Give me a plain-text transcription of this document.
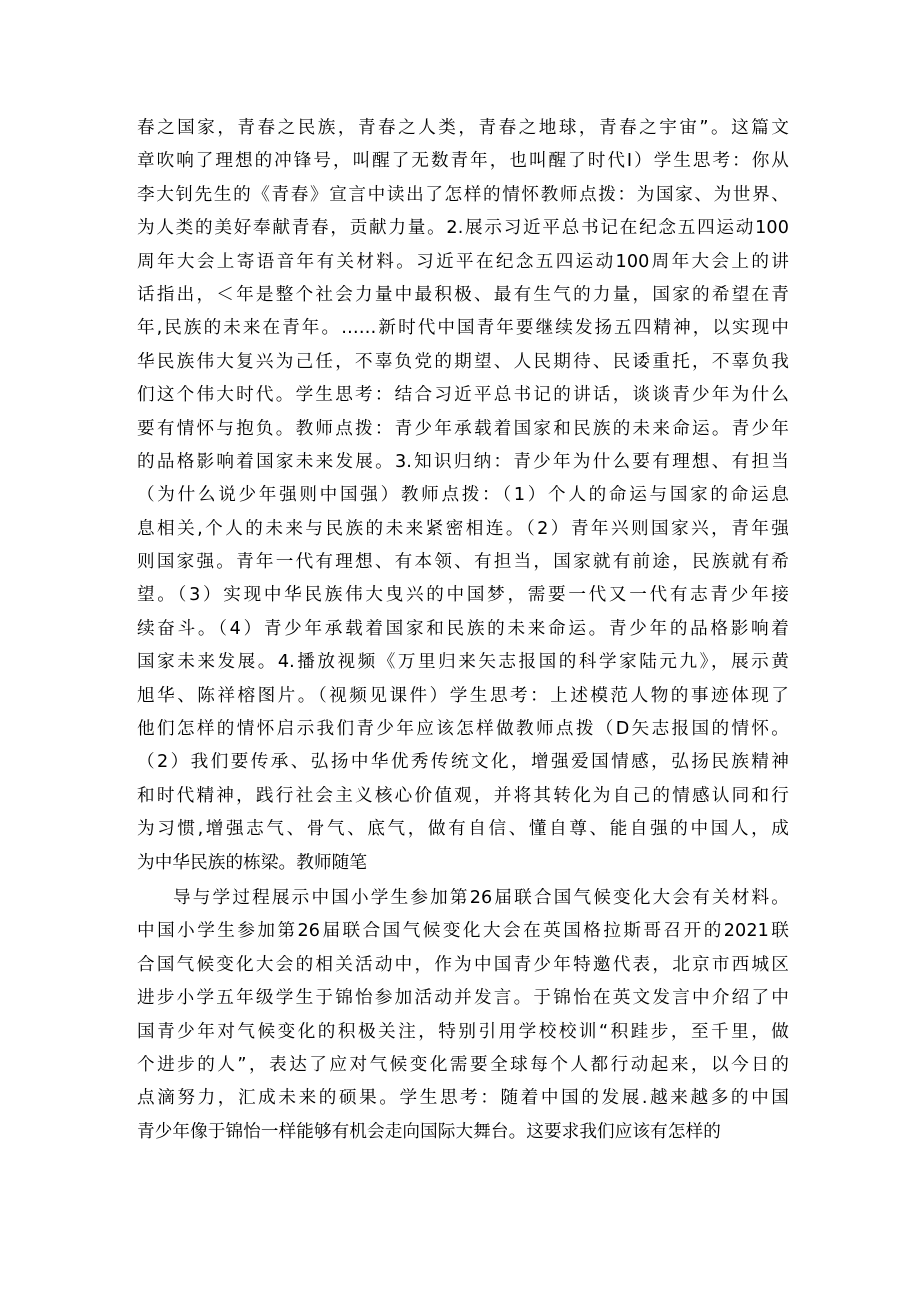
春之国家，青春之民族，青春之人类，青春之地球，青春之宇宙”。这篇文
章吹响了理想的冲锋号，叫醒了无数青年，也叫醒了时代I）学生思考：你从
李大钊先生的《青春》宣言中读出了怎样的情怀教师点拨：为国家、为世界、
为人类的美好奉献青春，贡献力量。2.展示习近平总书记在纪念五四运动100
周年大会上寄语音年有关材料。习近平在纪念五四运动100周年大会上的讲
话指出，＜年是整个社会力量中最积极、最有生气的力量，国家的希望在青
年,民族的未来在青年。……新时代中国青年要继续发扬五四精神，以实现中
华民族伟大复兴为己任，不辜负党的期望、人民期待、民诿重托，不辜负我
们这个伟大时代。学生思考：结合习近平总书记的讲话，谈谈青少年为什么
要有情怀与抱负。教师点拨：青少年承载着国家和民族的未来命运。青少年
的品格影响着国家未来发展。3.知识归纳：青少年为什么要有理想、有担当
（为什么说少年强则中国强）教师点拨：（1）个人的命运与国家的命运息
息相关,个人的未来与民族的未来紧密相连。（2）青年兴则国家兴，青年强
则国家强。青年一代有理想、有本领、有担当，国家就有前途，民族就有希
望。（3）实现中华民族伟大曳兴的中国梦，需要一代又一代有志青少年接
续奋斗。（4）青少年承载着国家和民族的未来命运。青少年的品格影响着
国家未来发展。4.播放视频《万里归来矢志报国的科学家陆元九》，展示黄
旭华、陈祥榕图片。（视频见课件）学生思考：上述模范人物的事迹体现了
他们怎样的情怀启示我们青少年应该怎样做教师点拨（D矢志报国的情怀。
（2）我们要传承、弘扬中华优秀传统文化，增强爱国情感，弘扬民族精神
和时代精神，践行社会主义核心价值观，并将其转化为自己的情感认同和行
为习惯,增强志气、骨气、底气，做有自信、懂自尊、能自强的中国人，成
为中华民族的栋梁。教师随笔
导与学过程展示中国小学生参加第26届联合国气候变化大会有关材料。
中国小学生参加第26届联合国气候变化大会在英国格拉斯哥召开的2021联
合国气候变化大会的相关活动中，作为中国青少年特邀代表，北京市西城区
进步小学五年级学生于锦怡参加活动并发言。于锦怡在英文发言中介绍了中
国青少年对气候变化的积极关注，特别引用学校校训“积跬步，至千里，做
个进步的人”，表达了应对气候变化需要全球每个人都行动起来，以今日的
点滴努力，汇成未来的硕果。学生思考：随着中国的发展.越来越多的中国
青少年像于锦怡一样能够有机会走向国际大舞台。这要求我们应该有怎样的
